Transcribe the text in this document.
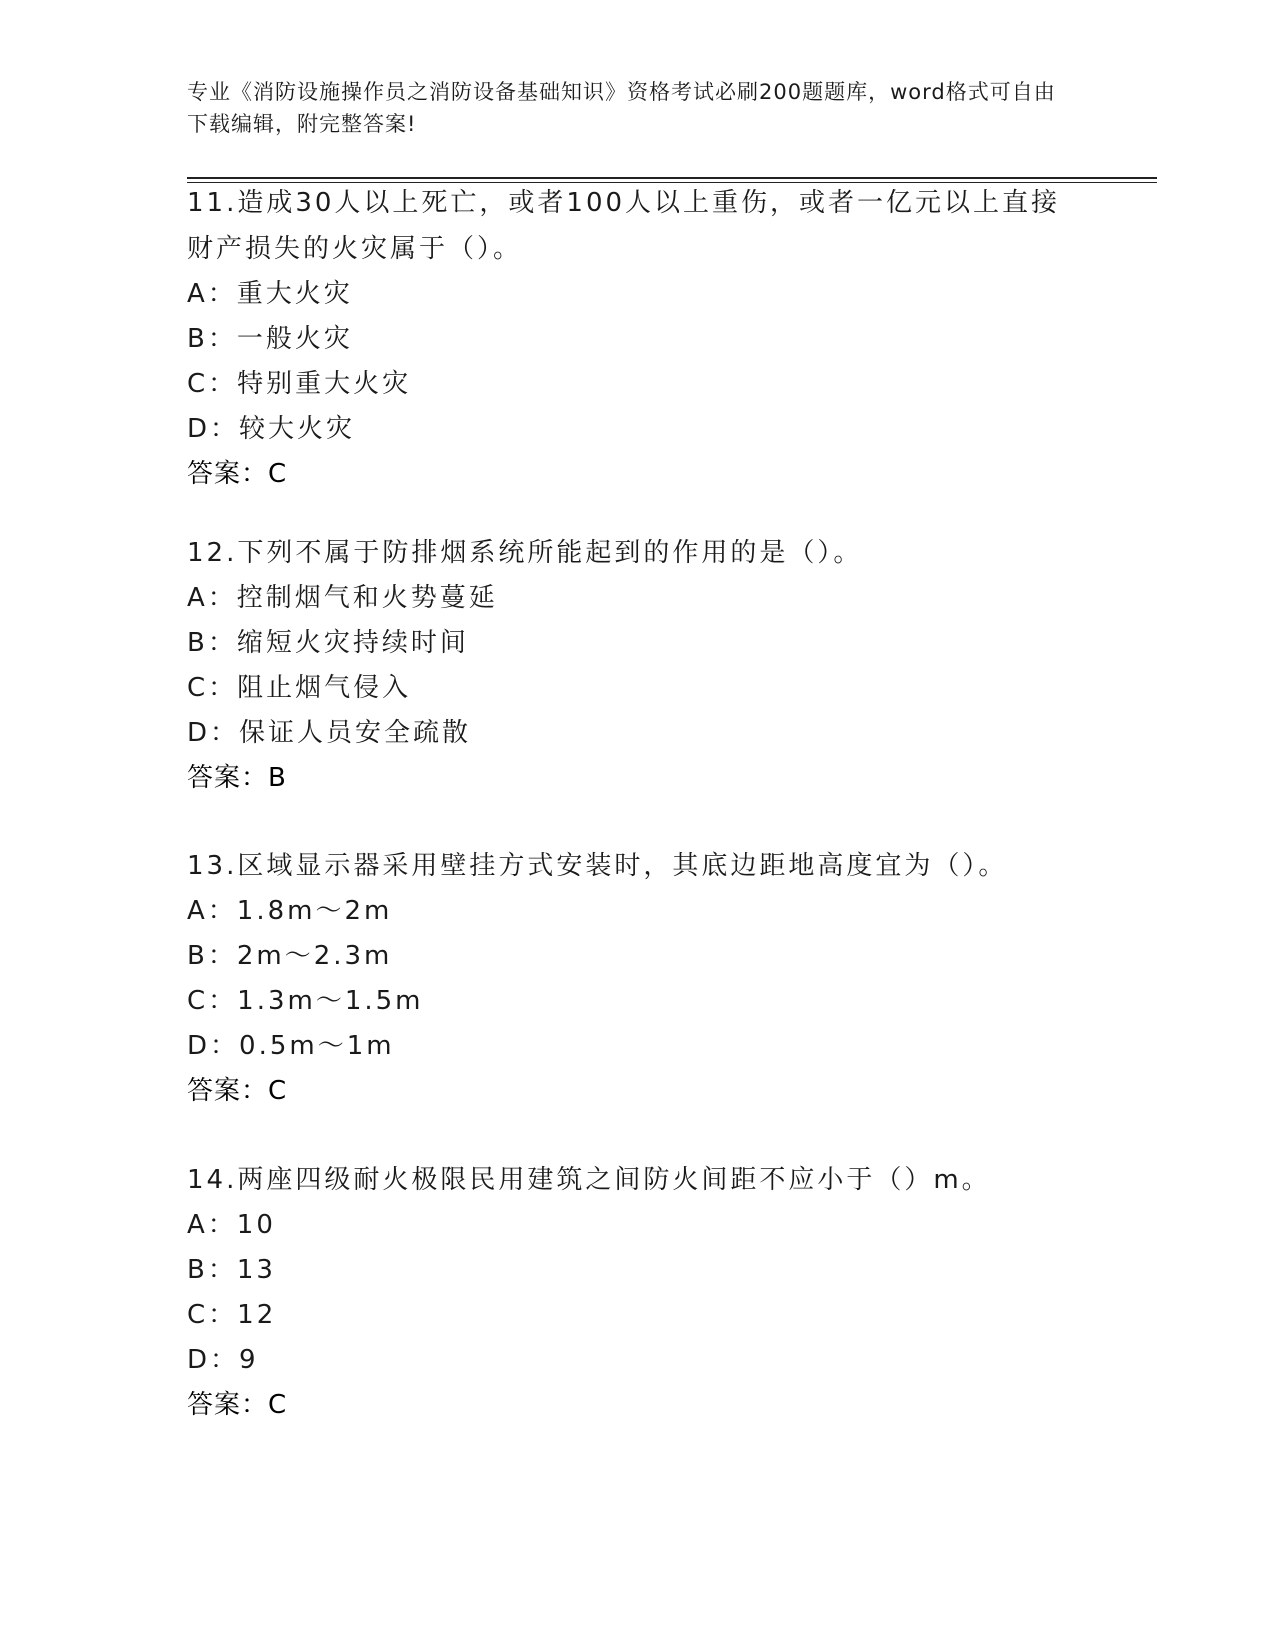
专业《消防设施操作员之消防设备基础知识》资格考试必刷200题题库，word格式可自由下载编辑，附完整答案!

11.造成30人以上死亡，或者100人以上重伤，或者一亿元以上直接财产损失的火灾属于（）。

A：重大火灾

B：一般火灾

C：特别重大火灾

D：较大火灾

答案：C

12.下列不属于防排烟系统所能起到的作用的是（）。

A：控制烟气和火势蔓延

B：缩短火灾持续时间

C：阻止烟气侵入

D：保证人员安全疏散

答案：B

13.区域显示器采用壁挂方式安装时，其底边距地高度宜为（）。

A：1.8m～2m

B：2m～2.3m

C：1.3m～1.5m

D：0.5m～1m

答案：C

14.两座四级耐火极限民用建筑之间防火间距不应小于（）m。

A：10

B：13

C：12

D：9

答案：C
